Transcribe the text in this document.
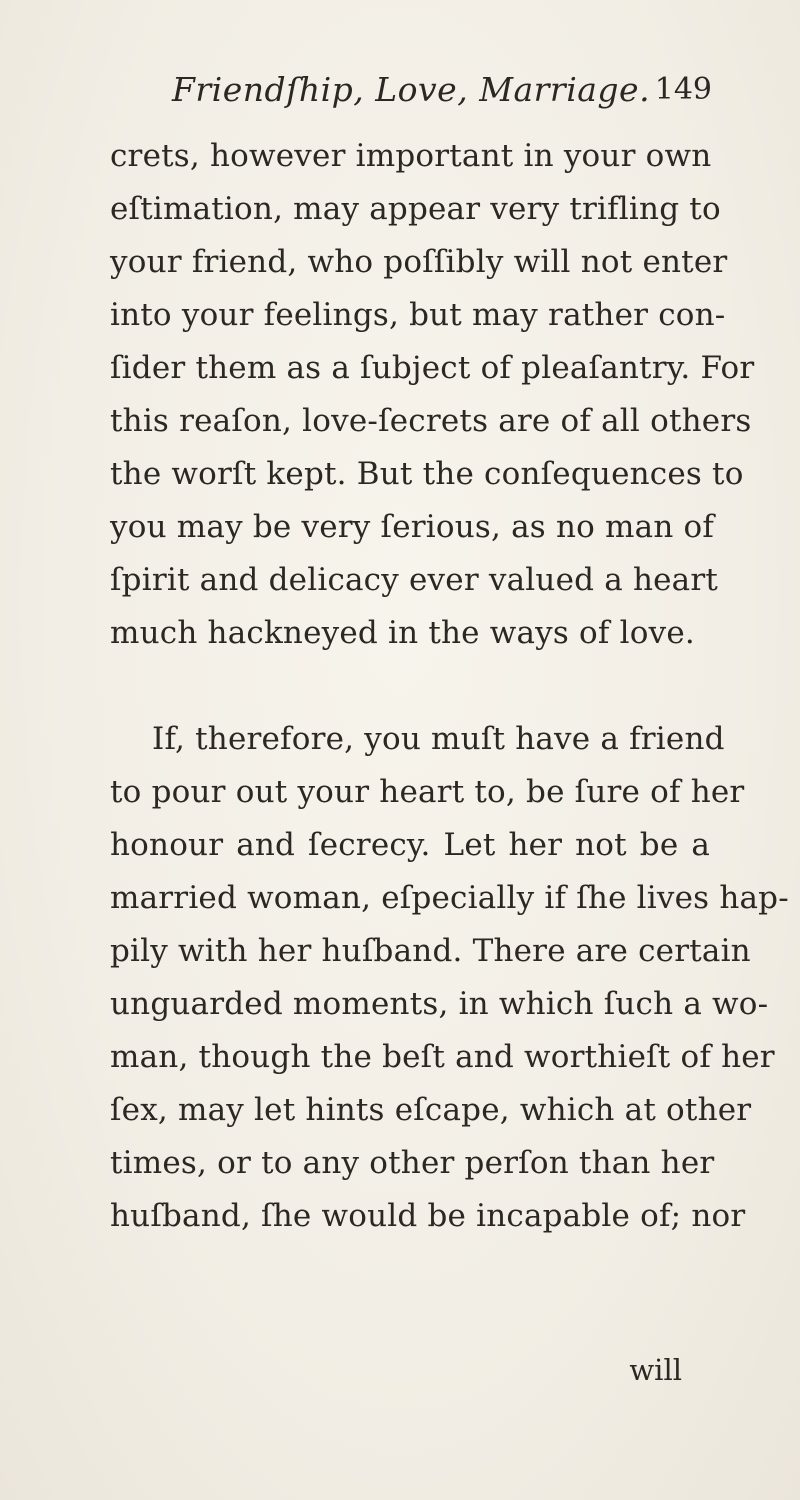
Friendſhip, Love, Marriage. 149
crets, however important in your own
eſtimation, may appear very trifling to
your friend, who poſſibly will not enter
into your feelings, but may rather con-
ſider them as a ſubject of pleaſantry. For
this reaſon, love-ſecrets are of all others
the worſt kept. But the conſequences to
you may be very ſerious, as no man of
ſpirit and delicacy ever valued a heart
much hackneyed in the ways of love.
If, therefore, you muſt have a friend
to pour out your heart to, be ſure of her
honour and ſecrecy. Let her not be a
married woman, eſpecially if ſhe lives hap-
pily with her huſband. There are certain
unguarded moments, in which ſuch a wo-
man, though the beſt and worthieſt of her
ſex, may let hints eſcape, which at other
times, or to any other perſon than her
huſband, ſhe would be incapable of; nor
will
